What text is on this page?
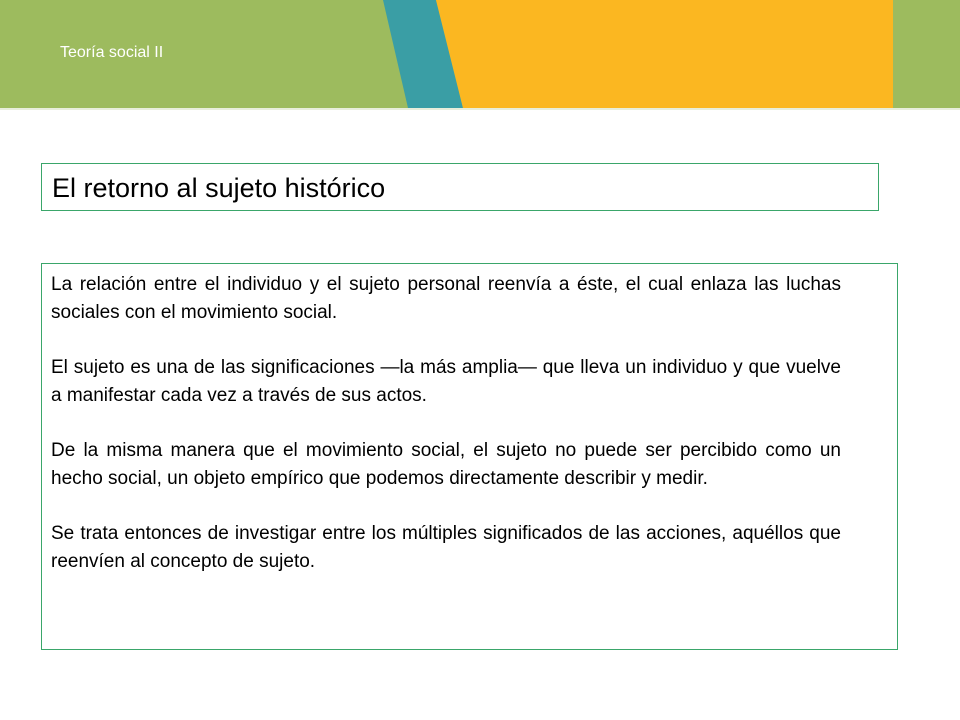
Teoría social II
El retorno al sujeto histórico

La relación entre el individuo y el sujeto personal reenvía a éste, el cual enlaza las luchas sociales con el movimiento social.

El sujeto es una de las significaciones —la más amplia— que lleva un individuo y que vuelve a manifestar cada vez a través de sus actos.

De la misma manera que el movimiento social, el sujeto no puede ser percibido como un hecho social, un objeto empírico que podemos directamente describir y medir.

Se trata entonces de investigar entre los múltiples significados de las acciones, aquéllos que reenvíen al concepto de sujeto.
